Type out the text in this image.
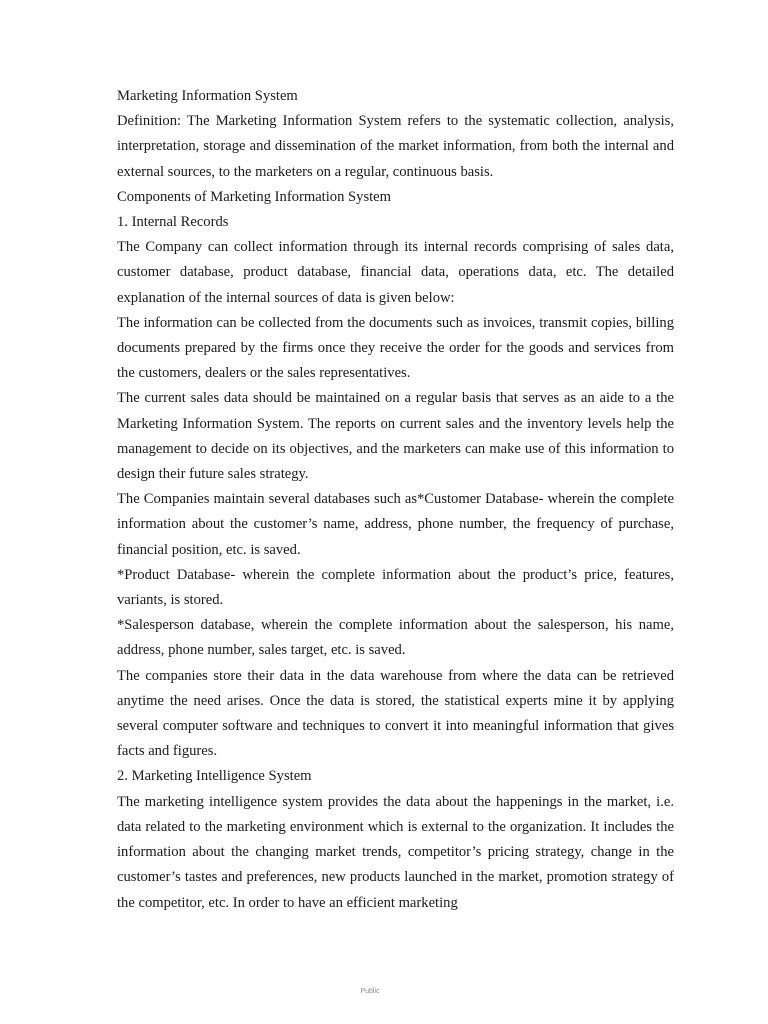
Marketing Information System

Definition: The Marketing Information System refers to the systematic collection, analysis, interpretation, storage and dissemination of the market information, from both the internal and external sources, to the marketers on a regular, continuous basis.

Components of Marketing Information System

1. Internal Records

The Company can collect information through its internal records comprising of sales data, customer database, product database, financial data, operations data, etc. The detailed explanation of the internal sources of data is given below:

The information can be collected from the documents such as invoices, transmit copies, billing documents prepared by the firms once they receive the order for the goods and services from the customers, dealers or the sales representatives.

The current sales data should be maintained on a regular basis that serves as an aide to a the Marketing Information System. The reports on current sales and the inventory levels help the management to decide on its objectives, and the marketers can make use of this information to design their future sales strategy.

The Companies maintain several databases such as*Customer Database- wherein the complete information about the customer’s name, address, phone number, the frequency of purchase, financial position, etc. is saved.

*Product Database- wherein the complete information about the product’s price, features, variants, is stored.

*Salesperson database, wherein the complete information about the salesperson, his name, address, phone number, sales target, etc. is saved.

The companies store their data in the data warehouse from where the data can be retrieved anytime the need arises. Once the data is stored, the statistical experts mine it by applying several computer software and techniques to convert it into meaningful information that gives facts and figures.

2. Marketing Intelligence System

The marketing intelligence system provides the data about the happenings in the market, i.e. data related to the marketing environment which is external to the organization. It includes the information about the changing market trends, competitor’s pricing strategy, change in the customer’s tastes and preferences, new products launched in the market, promotion strategy of the competitor, etc. In order to have an efficient marketing

Public
